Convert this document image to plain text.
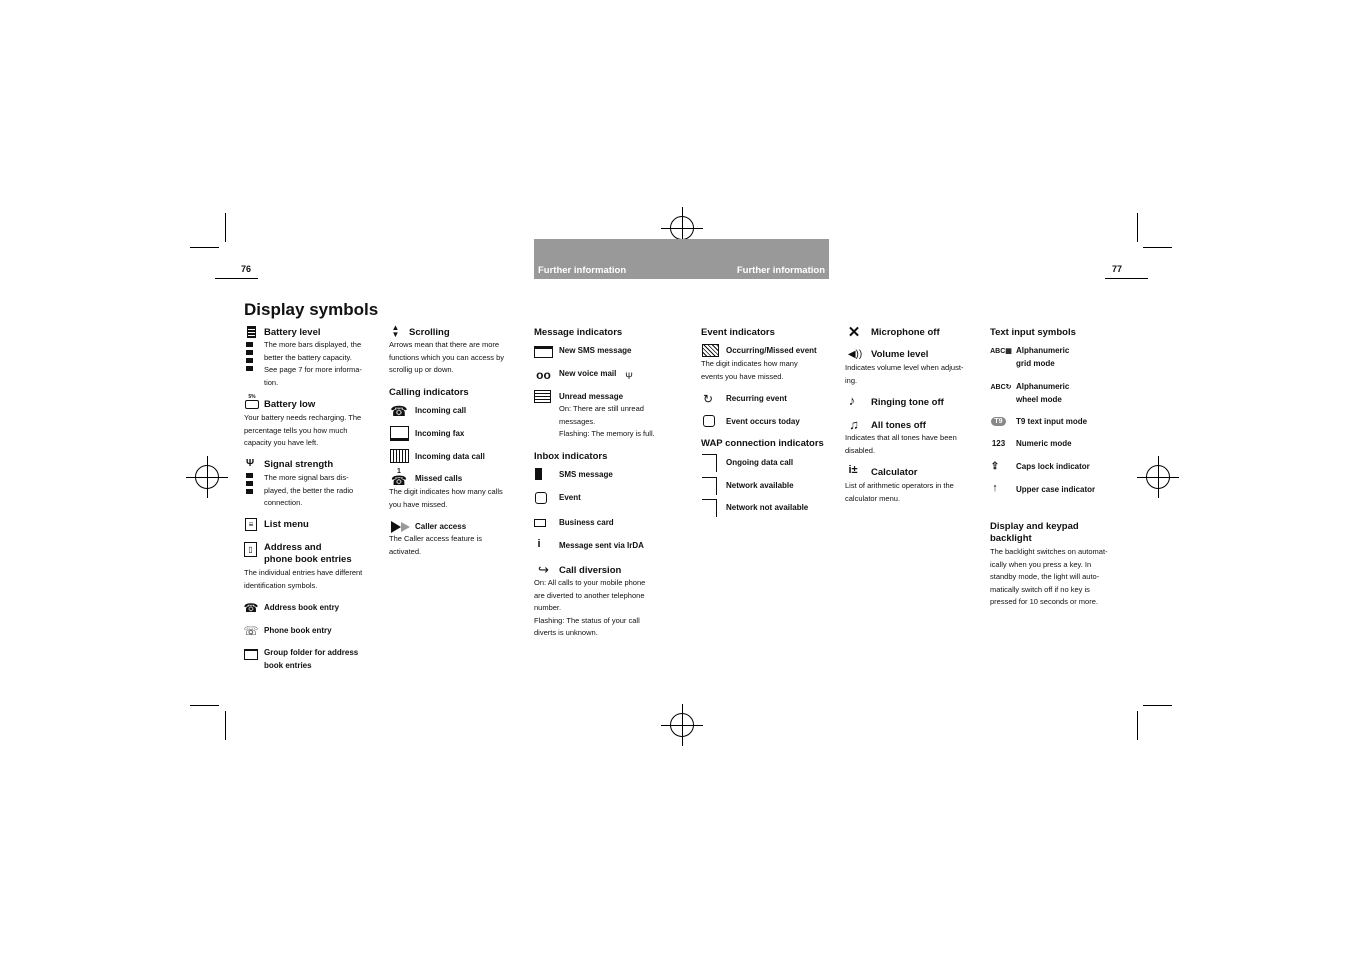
76	77
Further information	Further information
Display symbols
Battery level
The more bars displayed, the
better the battery capacity.
See page 7 for more informa-
tion.
5%
Battery low
Your battery needs recharging. The
percentage tells you how much
capacity you have left.
Ψ Signal strength
The more signal bars dis-
played, the better the radio
connection.
≡	List menu
▯	Address and
phone book entries
The individual entries have different
identification symbols.
☎ Address book entry
☏ Phone book entry
Group folder for address
book entries
▲
▼ Scrolling
Arrows mean that there are more
functions which you can access by
scrollig up or down.
Calling indicators
☎ Incoming call
Incoming fax
Incoming data call
1
☎ Missed calls
The digit indicates how many calls
you have missed.
Caller access
The Caller access feature is
activated.
Message indicators
New SMS message
oo New voice mail Ψ
Unread message
On: There are still unread
messages.
Flashing: The memory is full.
Inbox indicators
SMS message
Event
Business card
i	Message sent via IrDA
↪	Call diversion
On: All calls to your mobile phone
are diverted to another telephone
number.
Flashing: The status of your call
diverts is unknown.
Event indicators
Occurring/Missed event
The digit indicates how many
events you have missed.
↻ Recurring event
Event occurs today
WAP connection indicators
Ongoing data call
Network available
Network not available
✕ Microphone off
◀)) Volume level
Indicates volume level when adjust-
ing.
♪	Ringing tone off
♫	All tones off
Indicates that all tones have been
disabled.
i±	Calculator
List of arithmetic operators in the
calculator menu.
Text input symbols
ABC ▦ Alphanumeric
grid mode
ABC ↻ Alphanumeric
wheel mode
T9	T9 text input mode
123 Numeric mode
⇪ Caps lock indicator
↑ Upper case indicator
Display and keypad
backlight
The backlight switches on automat-
ically when you press a key. In
standby mode, the light will auto-
matically switch off if no key is
pressed for 10 seconds or more.
